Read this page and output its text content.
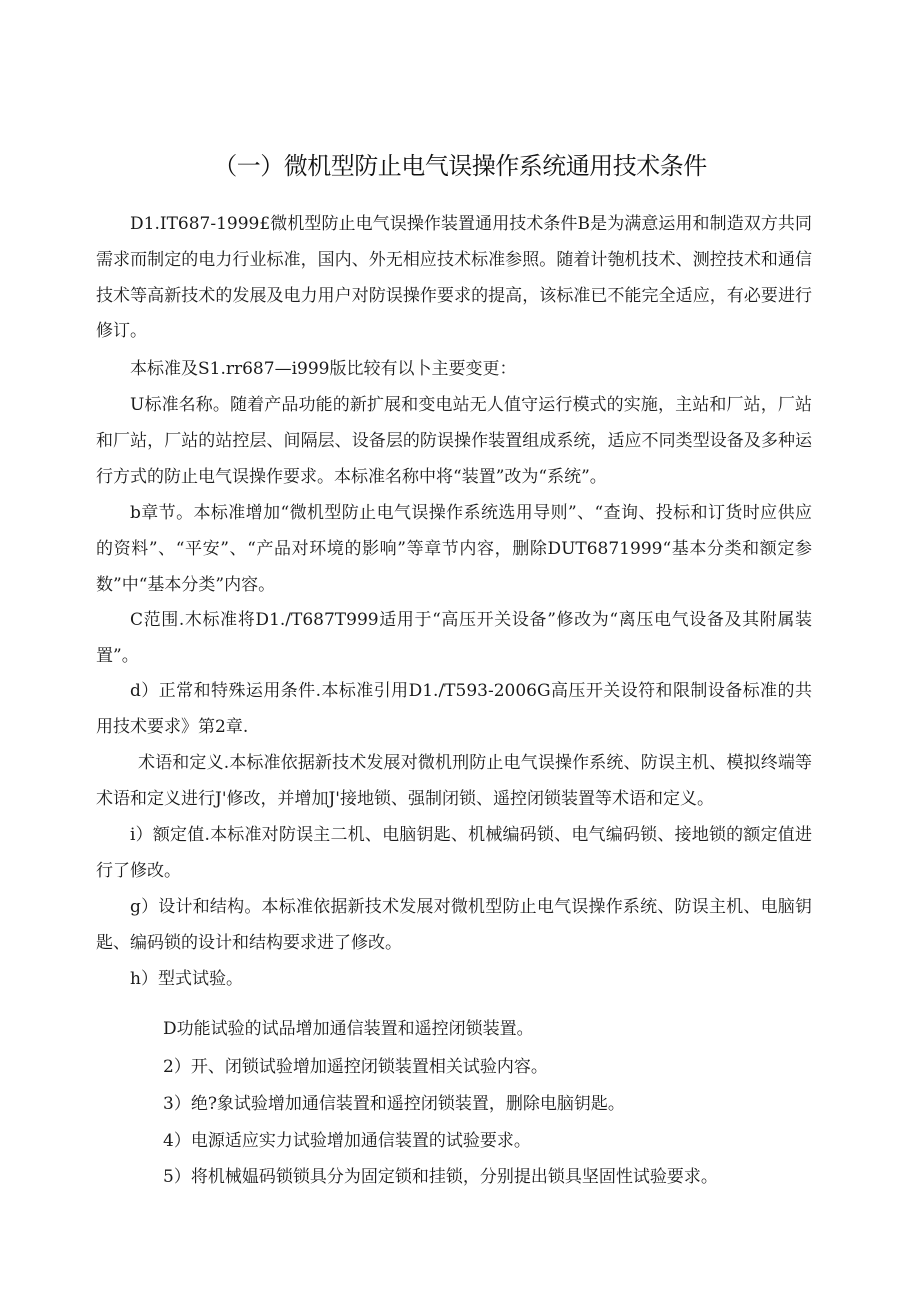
（一）微机型防止电气误操作系统通用技术条件

D1.IT687-1999£微机型防止电气误操作装置通用技术条件B是为满意运用和制造双方共同需求而制定的电力行业标准，国内、外无相应技术标准参照。随着计匏机技术、测控技术和通信技术等高新技术的发展及电力用户对防误操作要求的提高，该标准已不能完全适应，有必要进行修订。

本标准及S1.rr687—i999版比较有以卜主要变更：

U标准名称。随着产品功能的新扩展和变电站无人值守运行模式的实施，主站和厂站，厂站和厂站，厂站的站控层、间隔层、设备层的防误操作装置组成系统，适应不同类型设备及多种运行方式的防止电气误操作要求。本标准名称中将“装置”改为“系统”。

b章节。本标准增加“微机型防止电气误操作系统选用导则”、“查询、投标和订货时应供应的资料”、“平安”、“产品对环境的影响”等章节内容，删除DUT6871999“基本分类和额定参数”中“基本分类”内容。

C范围.木标准将D1./T687T999适用于“高压开关设备”修改为“离压电气设备及其附属装置”。

d）正常和特殊运用条件.本标准引用D1./T593-2006G高压开关设符和限制设备标准的共用技术要求》第2章.

术语和定义.本标准依据新技术发展对微机刑防止电气误操作系统、防误主机、模拟终端等术语和定义进行J'修改，并增加J'接地锁、强制闭锁、遥控闭锁装置等术语和定义。

i）额定值.本标准对防误主二机、电脑钥匙、机械编码锁、电气编码锁、接地锁的额定值进行了修改。

g）设计和结构。本标准依据新技术发展对微机型防止电气误操作系统、防误主机、电脑钥匙、编码锁的设计和结构要求进了修改。

h）型式试验。

D功能试验的试品增加通信装置和遥控闭锁装置。

2）开、闭锁试验增加遥控闭锁装置相关试验内容。

3）绝?象试验增加通信装置和遥控闭锁装置，删除电脑钥匙。

4）电源适应实力试验增加通信装置的试验要求。

5）将机械媪码锁锁具分为固定锁和挂锁，分别提出锁具坚固性试验要求。
